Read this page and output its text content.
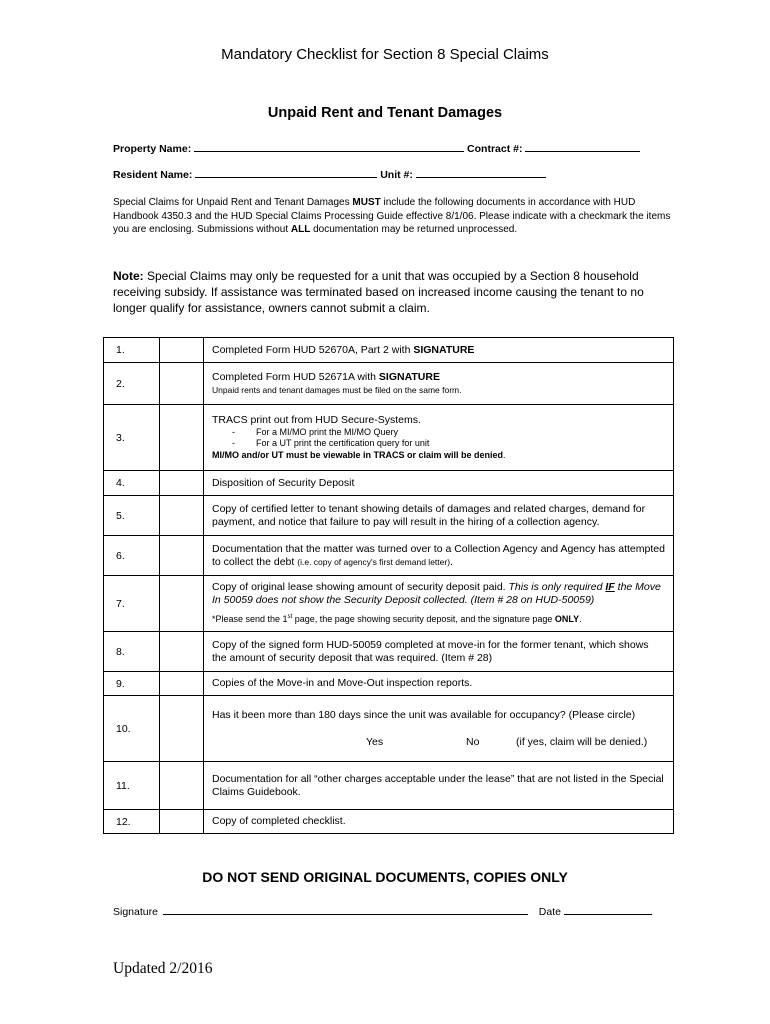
Mandatory Checklist for Section 8 Special Claims
Unpaid Rent and Tenant Damages
Property Name:	Contract #:
Resident Name:	Unit #:
Special Claims for Unpaid Rent and Tenant Damages MUST include the following documents in accordance with HUD Handbook 4350.3 and the HUD Special Claims Processing Guide effective 8/1/06. Please indicate with a checkmark the items you are enclosing. Submissions without ALL documentation may be returned unprocessed.
Note: Special Claims may only be requested for a unit that was occupied by a Section 8 household receiving subsidy. If assistance was terminated based on increased income causing the tenant to no longer qualify for assistance, owners cannot submit a claim.
1.		Completed Form HUD 52670A, Part 2 with SIGNATURE
2.		Completed Form HUD 52671A with SIGNATURE
Unpaid rents and tenant damages must be filed on the same form.

3.		TRACS print out from HUD Secure-Systems.
- For a MI/MO print the MI/MO Query
- For a UT print the certification query for unit
MI/MO and/or UT must be viewable in TRACS or claim will be denied.

4.		Disposition of Security Deposit
5.		Copy of certified letter to tenant showing details of damages and related charges, demand for payment, and notice that failure to pay will result in the hiring of a collection agency.
6.		Documentation that the matter was turned over to a Collection Agency and Agency has attempted to collect the debt (i.e. copy of agency's first demand letter).
7.		Copy of original lease showing amount of security deposit paid. This is only required IF the Move In 50059 does not show the Security Deposit collected. (Item # 28 on HUD-50059)
*Please send the 1st page, the page showing security deposit, and the signature page ONLY.

8.		Copy of the signed form HUD-50059 completed at move-in for the former tenant, which shows the amount of security deposit that was required. (Item # 28)
9.		Copies of the Move-in and Move-Out inspection reports.
10.		Has it been more than 180 days since the unit was available for occupancy? (Please circle)
Yes No (if yes, claim will be denied.)

11.		Documentation for all “other charges acceptable under the lease” that are not listed in the Special Claims Guidebook.
12.		Copy of completed checklist.
DO NOT SEND ORIGINAL DOCUMENTS, COPIES ONLY
Signature	Date
Updated 2/2016
